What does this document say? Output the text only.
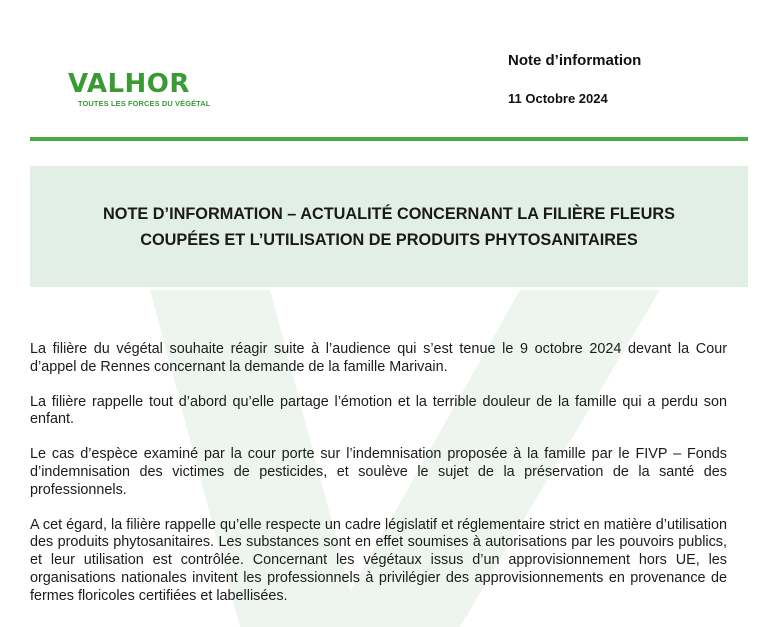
VALHOR
TOUTES LES FORCES DU VÉGÉTAL
Note d’information
11 Octobre 2024
NOTE D’INFORMATION – ACTUALITÉ CONCERNANT LA FILIÈRE FLEURS
COUPÉES ET L’UTILISATION DE PRODUITS PHYTOSANITAIRES

La filière du végétal souhaite réagir suite à l’audience qui s’est tenue le 9 octobre 2024 devant la Cour d’appel de Rennes concernant la demande de la famille Marivain.

La filière rappelle tout d’abord qu’elle partage l’émotion et la terrible douleur de la famille qui a perdu son enfant.

Le cas d’espèce examiné par la cour porte sur l’indemnisation proposée à la famille par le FIVP – Fonds d’indemnisation des victimes de pesticides, et soulève le sujet de la préservation de la santé des professionnels.

A cet égard, la filière rappelle qu’elle respecte un cadre législatif et réglementaire strict en matière d’utilisation des produits phytosanitaires. Les substances sont en effet soumises à autorisations par les pouvoirs publics, et leur utilisation est contrôlée. Concernant les végétaux issus d’un approvisionnement hors UE, les organisations nationales invitent les professionnels à privilégier des approvisionnements en provenance de fermes floricoles certifiées et labellisées.
